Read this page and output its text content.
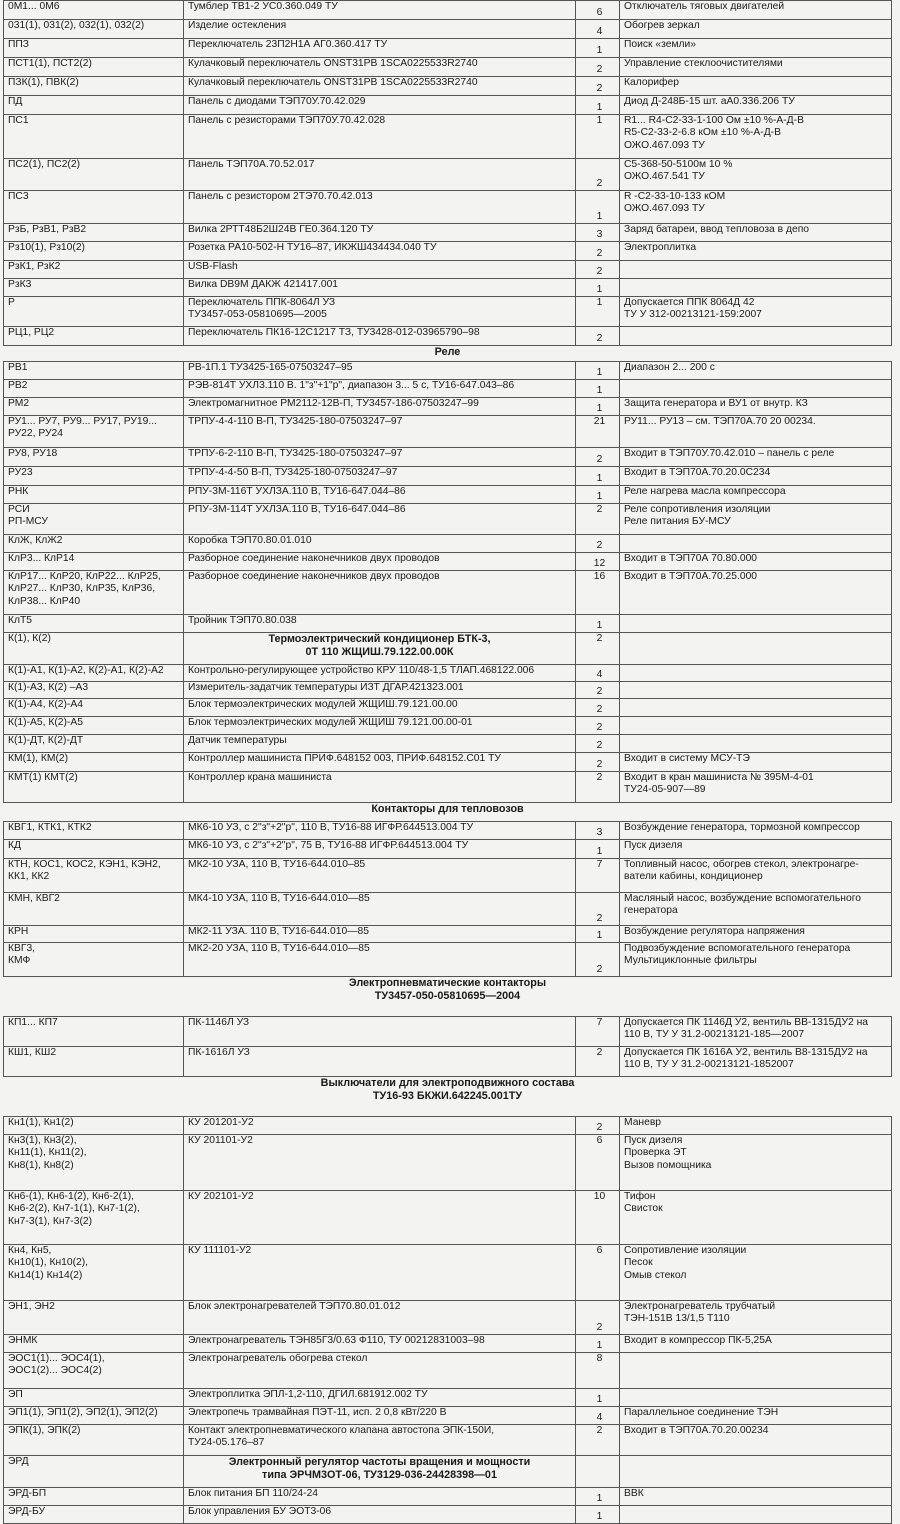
0M1... 0M6	Тумблер ТВ1-2 УС0.360.049 ТУ	6	Отключатель тяговых двигателей
031(1), 031(2), 032(1), 032(2)	Изделие остекления	4	Обогрев зеркал
ППЗ	Переключатель 23П2Н1А АГ0.360.417 ТУ	1	Поиск «земли»
ПСТ1(1), ПСТ2(2)	Кулачковый переключатель ONST31PB 1SCA0225533R2740	2	Управление стеклоочистителями
ПЗК(1), ПВК(2)	Кулачковый переключатель ONST31PB 1SCA0225533R2740	2	Калорифер
ПД	Панель с диодами ТЭП70У.70.42.029	1	Диод Д-248Б-15 шт. аА0.336.206 ТУ
ПС1	Панель с резисторами ТЭП70У.70.42.028	1	R1... R4-С2-33-1-100 Ом ±10 %-А-Д-В
R5-С2-33-2-6.8 кОм ±10 %-А-Д-В
ОЖО.467.093 ТУ

ПС2(1), ПС2(2)	Панель ТЭП70А.70.52.017	2	С5-368-50-5100м 10 %
ОЖО.467.541 ТУ

ПС3	Панель с резистором 2ТЭ70.70.42.013	1	R -С2-33-10-133 кОМ
ОЖО.467.093 ТУ

РзБ, РзВ1, РзВ2	Вилка 2РТТ48Б2Ш24В ГЕ0.364.120 ТУ	3	Заряд батареи, ввод тепловоза в депо
Рз10(1), Рз10(2)	Розетка РА10-502-Н ТУ16–87, ИКЖШ434434.040 ТУ	2	Электроплитка
РзК1, РзК2	USB-Flash	2	
РзК3	Вилка DB9М ДАКЖ 421417.001	1	
Р	Переключатель ППК-8064Л УЗ
ТУ3457-053-05810695—2005	1	Допускается ППК 8064Д 42
ТУ У 312-00213121-159:2007

РЦ1, РЦ2	Переключатель ПК16-12С1217 ТЗ, ТУ3428-012-03965790–98	2	
Реле			
РВ1	РВ-1П.1 ТУ3425-165-07503247–95	1	Диапазон 2... 200 с
РВ2	РЭВ-814Т УХЛ3.110 В. 1"з"+1"р", диапазон 3... 5 с, ТУ16-647.043–86	1	
РМ2	Электромагнитное РМ2112-12В-П, ТУ3457-186-07503247–99	1	Защита генератора и ВУ1 от внутр. КЗ

РУ1... РУ7, РУ9... РУ17, РУ19...
РУ22, РУ24	ТРПУ-4-4-110 В-П, ТУ3425-180-07503247–97	21	РУ11... РУ13 – см. ТЭП70А.70 20 00234.
РУ8, РУ18	ТРПУ-6-2-110 В-П, ТУ3425-180-07503247–97	2	Входит в ТЭП70У.70.42.010 – панель с реле
РУ23	ТРПУ-4-4-50 В-П, ТУ3425-180-07503247–97	1	Входит в ТЭП70А.70.20.0С234
РНК	РПУ-3М-116Т УХЛЗА.110 В, ТУ16-647.044–86	1	Реле нагрева масла компрессора

РСИ
РП-МСУ	РПУ-3М-114Т УХЛЗА.110 В, ТУ16-647.044–86	2	Реле сопротивления изоляции
Реле питания БУ-МСУ

КлЖ, КлЖ2	Коробка ТЭП70.80.01.010	2	
КлР3... КлР14	Разборное соединение наконечников двух проводов	12	Входит в ТЭП70А 70.80.000

КлР17... КлР20, КлР22... КлР25,
КлР27... КлР30, КлР35, КлР36,
КлР38... КлР40	Разборное соединение наконечников двух проводов	16	Входит в ТЭП70А.70.25.000
КлТ5	Тройник ТЭП70.80.038	1	
К(1), К(2)	Термоэлектрический кондиционер БТК-3,
0Т 110 ЖЩИШ.79.122.00.00К	2	
К(1)-А1, К(1)-А2, К(2)-А1, К(2)-А2	Контрольно-регулирующее устройство КРУ 110/48-1,5 ТЛАП.468122.006	4	
К(1)-А3, К(2) –А3	Измеритель-задатчик температуры ИЗТ ДГАР.421323.001	2	
К(1)-А4, К(2)-А4	Блок термоэлектрических модулей ЖЩИШ.79.121.00.00	2	
К(1)-А5, К(2)-А5	Блок термоэлектрических модулей ЖЩИШ 79.121.00.00-01	2	
К(1)-ДТ, К(2)-ДТ	Датчик температуры	2	
КМ(1), КМ(2)	Контроллер машиниста ПРИФ.648152 003, ПРИФ.648152.С01 ТУ	2	Входит в систему МСУ-ТЭ
КМТ(1) КМТ(2)	Контроллер крана машиниста	2	Входит в кран машиниста № 395М-4-01
ТУ24-05-907—89

Контакторы для тепловозов			
КВГ1, КТК1, КТК2	МК6-10 УЗ, с 2"з"+2"р", 110 В, ТУ16-88 ИГФР.644513.004 ТУ	3	Возбуждение генератора, тормозной компрессор
КД	МК6-10 УЗ, с 2"з"+2"р", 75 В, ТУ16-88 ИГФР.644513.004 ТУ	1	Пуск дизеля

КТН, КОС1, КОС2, КЭН1, КЭН2,
КК1, КК2	МК2-10 УЗА, 110 В, ТУ16-644.010–85	7	Топливный насос, обогрев стекол, электронагре-
ватели кабины, кондиционер

КМН, КВГ2	МК4-10 УЗА, 110 В, ТУ16-644.010—85	2	Масляный насос, возбуждение вспомогательного
генератора

КРН	МК2-11 УЗА. 110 В, ТУ16-644.010—85	1	Возбуждение регулятора напряжения

КВГ3,
КМФ	МК2-20 УЗА, 110 В, ТУ16-644.010—85	2	Подвозбуждение вспомогательного генератора
Мультициклонные фильтры

Электропневматические контакторы
ТУ3457-050-05810695—2004			

КП1... КП7	ПК-1146Л УЗ	7	Допускается ПК 1146Д У2, вентиль ВВ-1315ДУ2 на
110 В, ТУ У 31.2-00213121-185—2007

КШ1, КШ2	ПК-1616Л УЗ	2	Допускается ПК 1616А У2, вентиль В8-1315ДУ2 на
110 В, ТУ У 31.2-00213121-1852007

Выключатели для электроподвижного состава
ТУ16-93 БКЖИ.642245.001ТУ			

Кн1(1), Кн1(2)	КУ 201201-У2	2	Маневр

Кн3(1), Кн3(2),
Кн11(1), Кн11(2),
Кн8(1), Кн8(2)	КУ 201101-У2	6	Пуск дизеля
Проверка ЭТ
Вызов помощника

Кн6-(1), Кн6-1(2), Кн6-2(1),
Кн6-2(2), Кн7-1(1), Кн7-1(2),
Кн7-3(1), Кн7-3(2)	КУ 202101-У2	10	Тифон
Свисток

Кн4, Кн5,
Кн10(1), Кн10(2),
Кн14(1) Кн14(2)	КУ 111101-У2	6	Сопротивление изоляции
Песок
Омыв стекол

ЭН1, ЭН2	Блок электронагревателей ТЭП70.80.01.012	2	Электронагреватель трубчатый
ТЭН-151В 13/1,5 Т110

ЭНМК	Электронагреватель ТЭН85Г3/0.63 Ф110, ТУ 00212831003–98	1	Входит в компрессор ПК-5,25А

ЭОС1(1)... ЭОС4(1),
ЭОС1(2)... ЭОС4(2)	Электронагреватель обогрева стекол	8	
ЭП	Электроплитка ЭПЛ-1,2-110, ДГИЛ.681912.002 ТУ	1	
ЭП1(1), ЭП1(2), ЭП2(1), ЭП2(2)	Электропечь трамвайная ПЭТ-11, исп. 2 0,8 кВт/220 В	4	Параллельное соединение ТЭН
ЭПК(1), ЭПК(2)	Контакт электропневматического клапана автостопа ЭПК-150И,
ТУ24-05.176–87	2	Входит в ТЭП70А.70.20.00234
ЭРД	Электронный регулятор частоты вращения и мощности
типа ЭРЧМ3ОТ-06, ТУ3129-036-24428398—01		

ЭРД-БП	Блок питания БП 110/24-24	1	ВВК
ЭРД-БУ	Блок управления БУ ЭОТ3-06	1	
